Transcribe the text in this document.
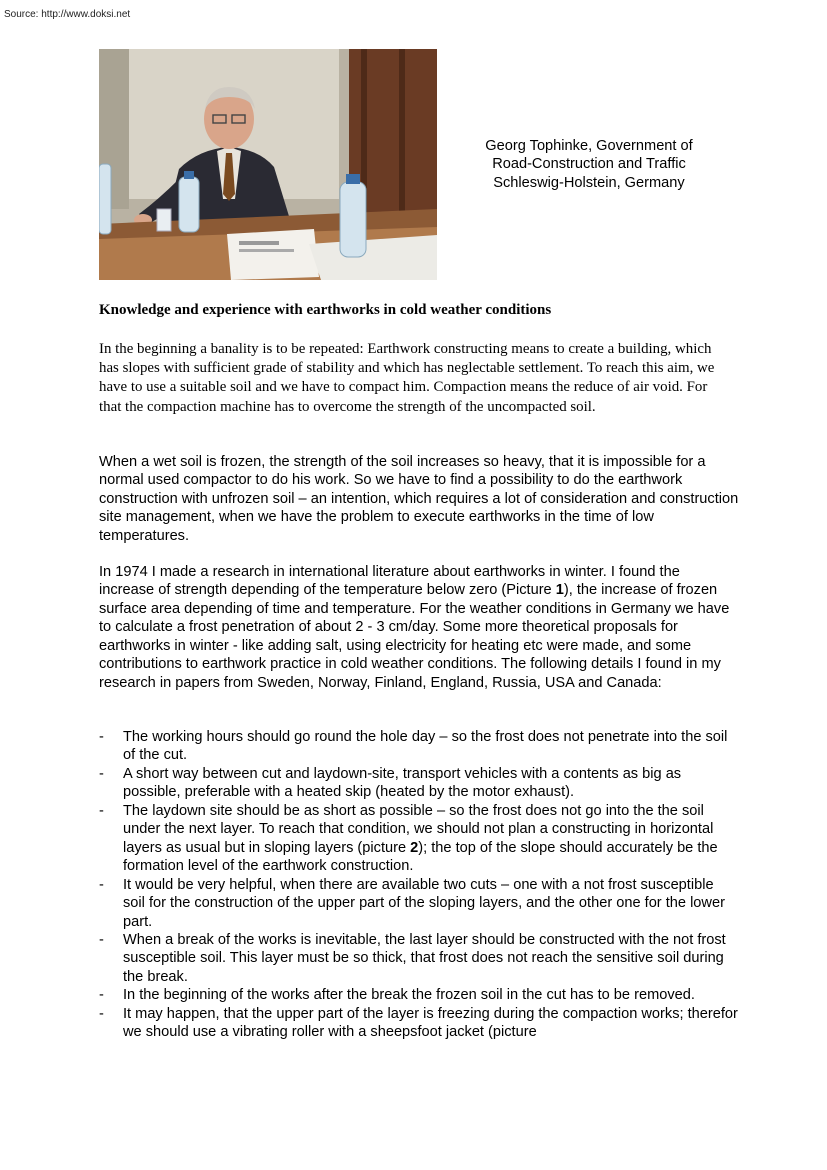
Source: http://www.doksi.net
Georg Tophinke, Government of
Road-Construction and Traffic
Schleswig-Holstein, Germany
Knowledge and experience with earthworks in cold weather conditions
In the beginning a banality is to be repeated: Earthwork constructing means to create a building, which has slopes with sufficient grade of stability and which has neglectable settlement. To reach this aim, we have to use a suitable soil and we have to compact him. Compaction means the reduce of air void. For that the compaction machine has to overcome the strength of the uncompacted soil.
When a wet soil is frozen, the strength of the soil increases so heavy, that it is impossible for a normal used compactor to do his work. So we have to find a possibility to do the earthwork construction with unfrozen soil – an intention, which requires a lot of consideration and construction site management, when we have the problem to execute earthworks in the time of low temperatures.
In 1974 I made a research in international literature about earthworks in winter. I found the increase of strength depending of the temperature below zero (Picture 1), the increase of frozen surface area depending of time and temperature. For the weather conditions in Germany we have to calculate a frost penetration of about 2 - 3 cm/day. Some more theoretical proposals for earthworks in winter - like adding salt, using electricity for heating etc were made, and some contributions to earthwork practice in cold weather conditions. The following details I found in my research in papers from Sweden, Norway, Finland, England, Russia, USA and Canada:
- The working hours should go round the hole day – so the frost does not penetrate into the soil of the cut.
- A short way between cut and laydown-site, transport vehicles with a contents as big as possible, preferable with a heated skip (heated by the motor exhaust).
- The laydown site should be as short as possible – so the frost does not go into the the soil under the next layer. To reach that condition, we should not plan a constructing in horizontal layers as usual but in sloping layers (picture 2); the top of the slope should accurately be the formation level of the earthwork construction.
- It would be very helpful, when there are available two cuts – one with a not frost susceptible soil for the construction of the upper part of the sloping layers, and the other one for the lower part.
- When a break of the works is inevitable, the last layer should be constructed with the not frost susceptible soil. This layer must be so thick, that frost does not reach the sensitive soil during the break.
- In the beginning of the works after the break the frozen soil in the cut has to be removed.
- It may happen, that the upper part of the layer is freezing during the compaction works; therefor we should use a vibrating roller with a sheepsfoot jacket (picture
